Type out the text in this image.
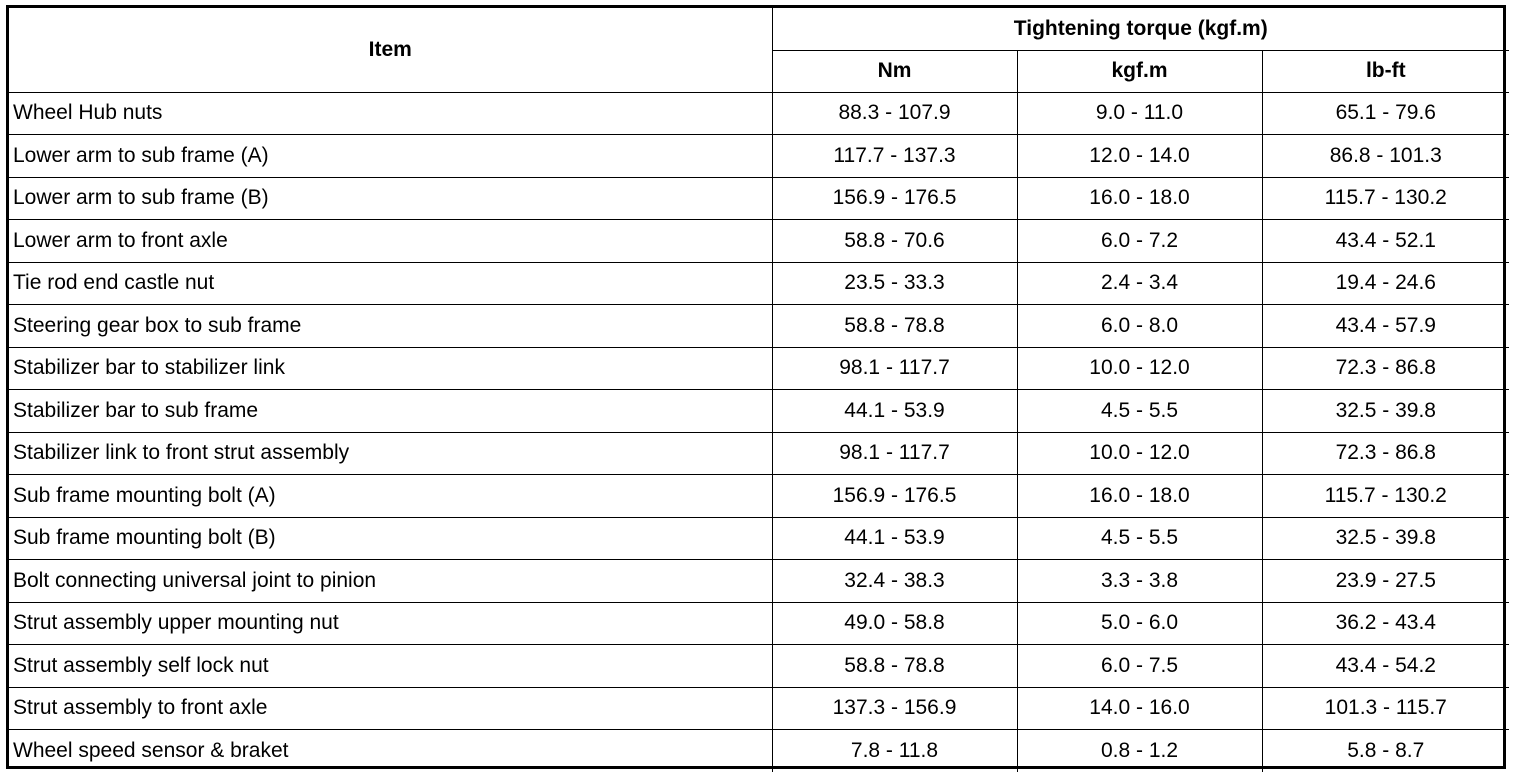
Item	Tightening torque (kgf.m)		
	Nm	kgf.m	lb-ft
Wheel Hub nuts	88.3 - 107.9	9.0 - 11.0	65.1 - 79.6
Lower arm to sub frame (A)	117.7 - 137.3	12.0 - 14.0	86.8 - 101.3
Lower arm to sub frame (B)	156.9 - 176.5	16.0 - 18.0	115.7 - 130.2
Lower arm to front axle	58.8 - 70.6	6.0 - 7.2	43.4 - 52.1
Tie rod end castle nut	23.5 - 33.3	2.4 - 3.4	19.4 - 24.6
Steering gear box to sub frame	58.8 - 78.8	6.0 - 8.0	43.4 - 57.9
Stabilizer bar to stabilizer link	98.1 - 117.7	10.0 - 12.0	72.3 - 86.8
Stabilizer bar to sub frame	44.1 - 53.9	4.5 - 5.5	32.5 - 39.8
Stabilizer link to front strut assembly	98.1 - 117.7	10.0 - 12.0	72.3 - 86.8
Sub frame mounting bolt (A)	156.9 - 176.5	16.0 - 18.0	115.7 - 130.2
Sub frame mounting bolt (B)	44.1 - 53.9	4.5 - 5.5	32.5 - 39.8
Bolt connecting universal joint to pinion	32.4 - 38.3	3.3 - 3.8	23.9 - 27.5
Strut assembly upper mounting nut	49.0 - 58.8	5.0 - 6.0	36.2 - 43.4
Strut assembly self lock nut	58.8 - 78.8	6.0 - 7.5	43.4 - 54.2
Strut assembly to front axle	137.3 - 156.9	14.0 - 16.0	101.3 - 115.7
Wheel speed sensor & braket	7.8 - 11.8	0.8 - 1.2	5.8 - 8.7
